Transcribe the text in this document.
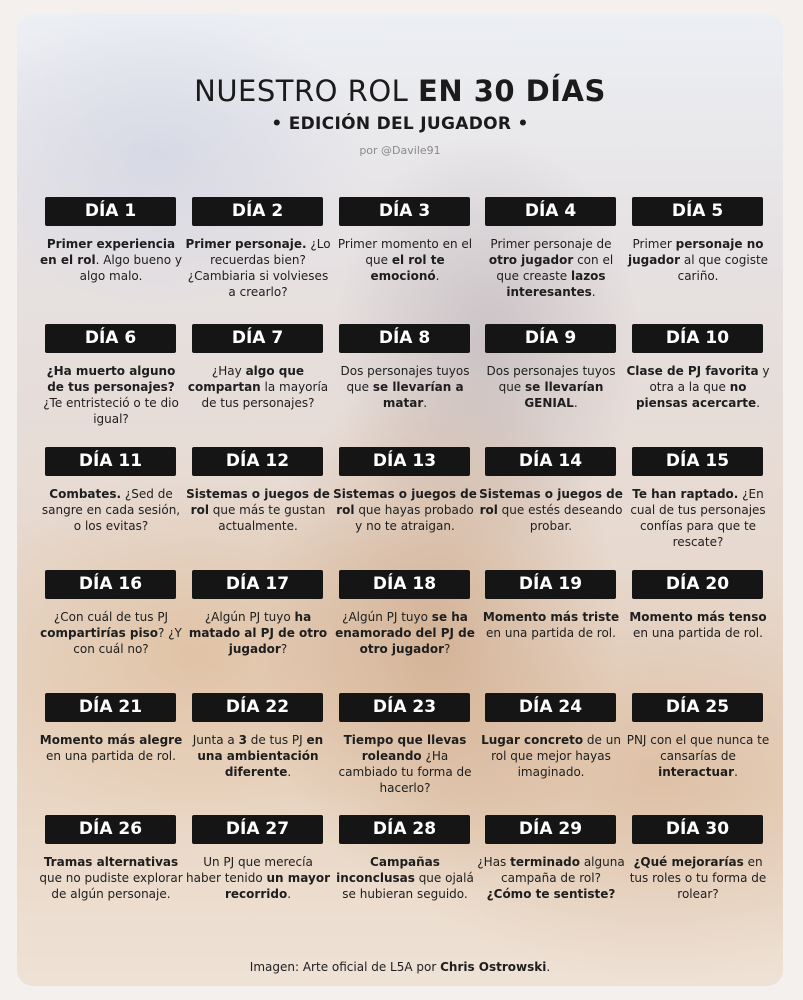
NUESTRO ROL EN 30 DÍAS
• EDICIÓN DEL JUGADOR •
por @Davile91
DÍA 1
Primer experiencia en el rol. Algo bueno y algo malo.
DÍA 2
Primer personaje. ¿Lo recuerdas bien? ¿Cambiaria si volvieses a crearlo?
DÍA 3
Primer momento en el que el rol te emocionó.
DÍA 4
Primer personaje de otro jugador con el que creaste lazos interesantes.
DÍA 5
Primer personaje no jugador al que cogiste cariño.
DÍA 6
¿Ha muerto alguno de tus personajes? ¿Te entristeció o te dio igual?
DÍA 7
¿Hay algo que compartan la mayoría de tus personajes?
DÍA 8
Dos personajes tuyos que se llevarían a matar.
DÍA 9
Dos personajes tuyos que se llevarían GENIAL.
DÍA 10
Clase de PJ favorita y otra a la que no piensas acercarte.
DÍA 11
Combates. ¿Sed de sangre en cada sesión, o los evitas?
DÍA 12
Sistemas o juegos de rol que más te gustan actualmente.
DÍA 13
Sistemas o juegos de rol que hayas probado y no te atraigan.
DÍA 14
Sistemas o juegos de rol que estés deseando probar.
DÍA 15
Te han raptado. ¿En cual de tus personajes confías para que te rescate?
DÍA 16
¿Con cuál de tus PJ compartirías piso? ¿Y con cuál no?
DÍA 17
¿Algún PJ tuyo ha matado al PJ de otro jugador?
DÍA 18
¿Algún PJ tuyo se ha enamorado del PJ de otro jugador?
DÍA 19
Momento más triste en una partida de rol.
DÍA 20
Momento más tenso en una partida de rol.
DÍA 21
Momento más alegre en una partida de rol.
DÍA 22
Junta a 3 de tus PJ en una ambientación diferente.
DÍA 23
Tiempo que llevas roleando ¿Ha cambiado tu forma de hacerlo?
DÍA 24
Lugar concreto de un rol que mejor hayas imaginado.
DÍA 25
PNJ con el que nunca te cansarías de interactuar.
DÍA 26
Tramas alternativas que no pudiste explorar de algún personaje.
DÍA 27
Un PJ que merecía haber tenido un mayor recorrido.
DÍA 28
Campañas inconclusas que ojalá se hubieran seguido.
DÍA 29
¿Has terminado alguna campaña de rol? ¿Cómo te sentiste?
DÍA 30
¿Qué mejorarías en tus roles o tu forma de rolear?
Imagen: Arte oficial de L5A por Chris Ostrowski.
